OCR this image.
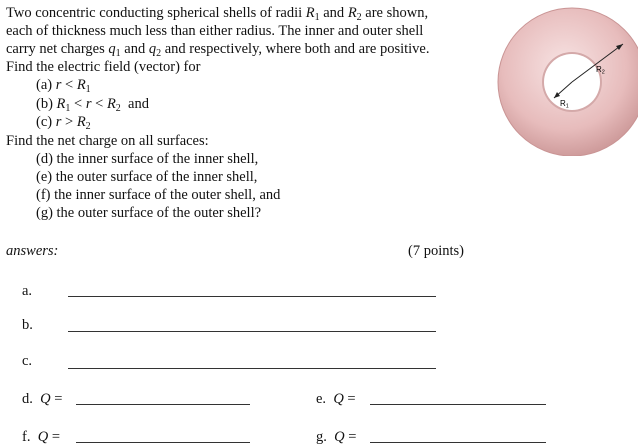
Two concentric conducting spherical shells of radii $R_1$ and $R_2$ are shown,
each of thickness much less than either radius. The inner and outer shell
carry net charges $q_1$ and $q_2$ and respectively, where both and are positive.
Find the electric field (vector) for
(a) $r < R_1$
(b) $R_1 < r < R_2$  and
(c) $r > R_2$
Find the net charge on all surfaces:
(d) the inner surface of the inner shell,
(e) the outer surface of the inner shell,
(f) the inner surface of the outer shell, and
(g) the outer surface of the outer shell?
R2
R1
answers:	(7 points)
a.
b.
c.
d. Q =	e. Q =
f. Q =	g. Q =
